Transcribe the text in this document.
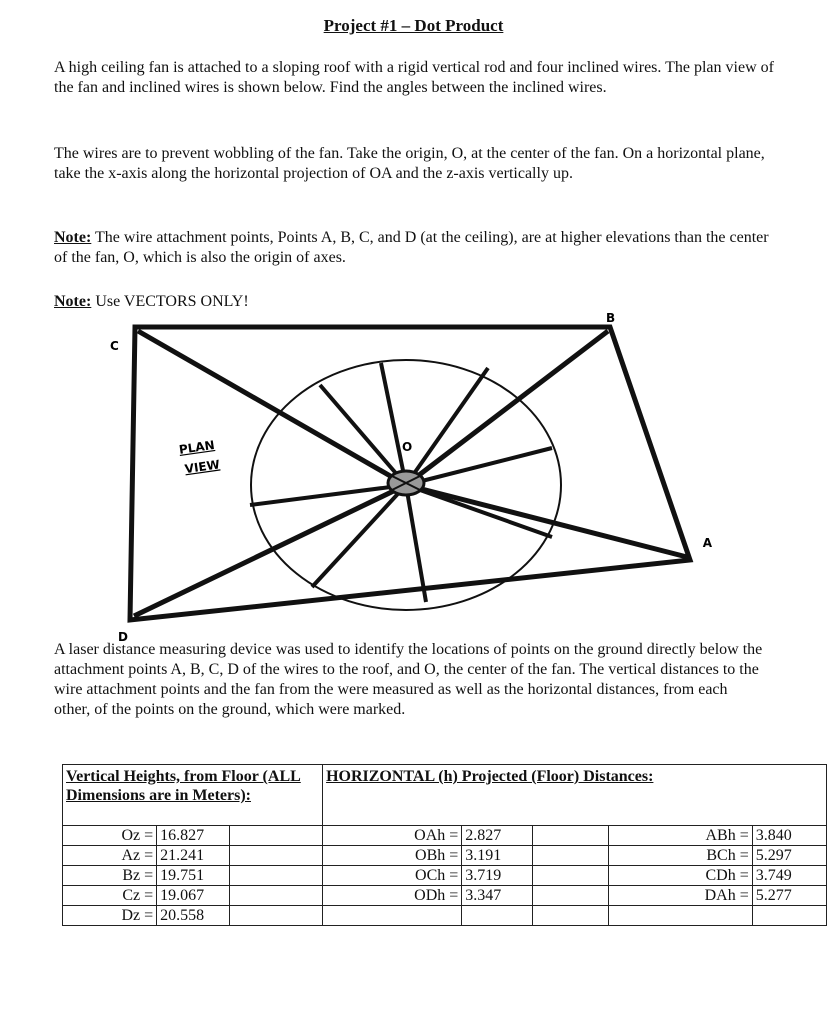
Project #1 – Dot Product

A high ceiling fan is attached to a sloping roof with a rigid vertical rod and four inclined wires. The plan view of the fan and inclined wires is shown below. Find the angles between the inclined wires.

The wires are to prevent wobbling of the fan. Take the origin, O, at the center of the fan. On a horizontal plane, take the x-axis along the horizontal projection of OA and the z-axis vertically up.

Note: The wire attachment points, Points A, B, C, and D (at the ceiling), are at higher elevations than the center of the fan, O, which is also the origin of axes.

Note: Use VECTORS ONLY!

C
B
A
D
O
PLAN
VIEW

A laser distance measuring device was used to identify the locations of points on the ground directly below the attachment points A, B, C, D of the wires to the roof, and O, the center of the fan. The vertical distances to the wire attachment points and the fan from the were measured as well as the horizontal distances, from each other, of the points on the ground, which were marked.

Vertical Heights, from Floor (ALL Dimensions are in Meters):			HORIZONTAL (h) Projected (Floor) Distances:				
Oz =	16.827		OAh =	2.827		ABh =	3.840
Az =	21.241		OBh =	3.191		BCh =	5.297
Bz =	19.751		OCh =	3.719		CDh =	3.749
Cz =	19.067		ODh =	3.347		DAh =	5.277
Dz =	20.558						
